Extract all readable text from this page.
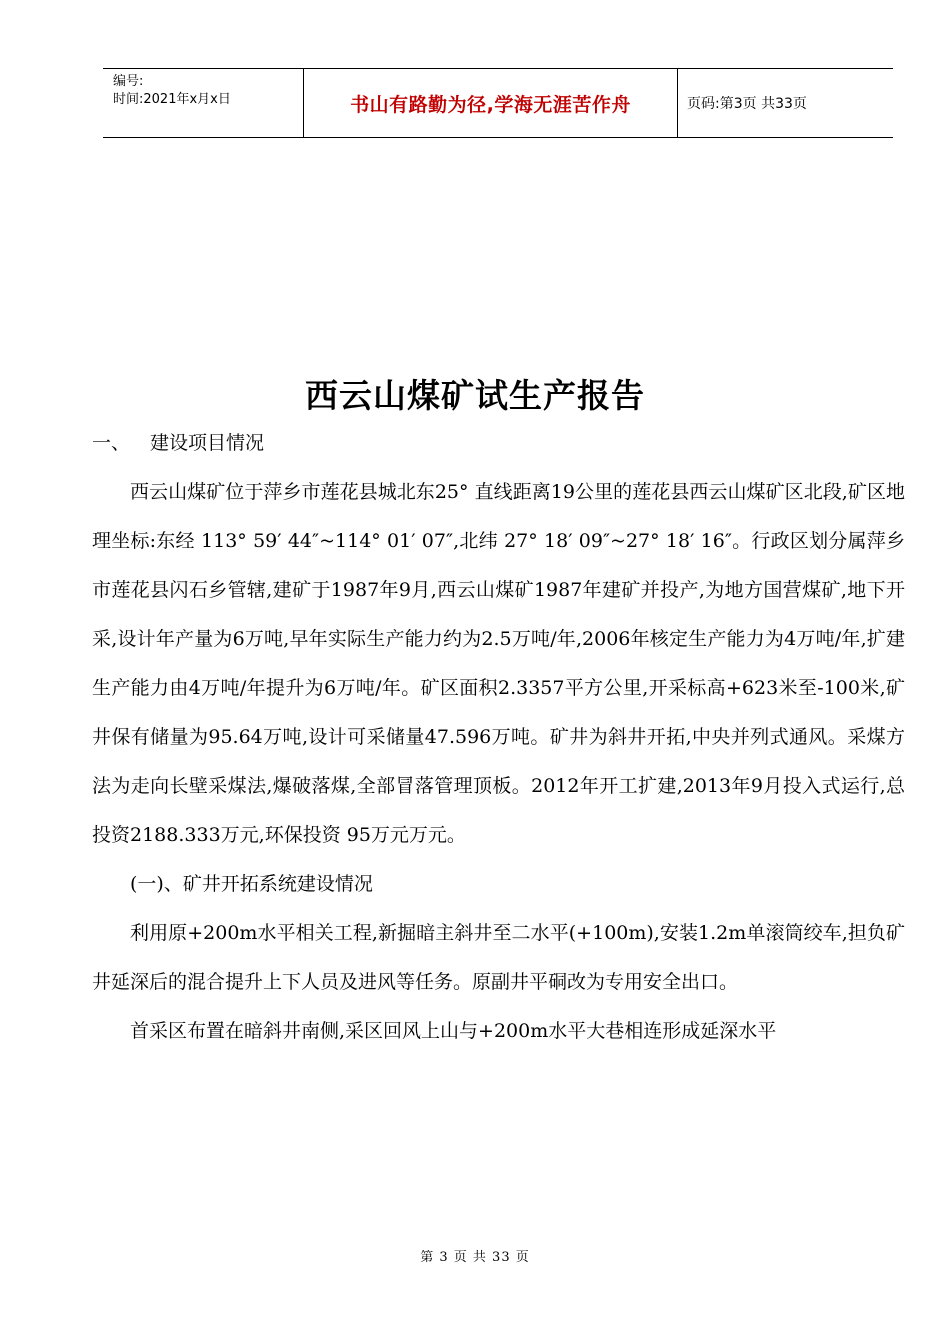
编号:
时间:2021年x月x日	书山有路勤为径,学海无涯苦作舟	页码:第3页 共33页
西云山煤矿试生产报告
一、 建设项目情况

西云山煤矿位于萍乡市莲花县城北东25° 直线距离19公里的莲花县西云山煤矿区北段,矿区地理坐标:东经 113° 59′ 44″~114° 01′ 07″,北纬 27° 18′ 09″~27° 18′ 16″。行政区划分属萍乡市莲花县闪石乡管辖,建矿于1987年9月,西云山煤矿1987年建矿并投产,为地方国营煤矿,地下开采,设计年产量为6万吨,早年实际生产能力约为2.5万吨/年,2006年核定生产能力为4万吨/年,扩建生产能力由4万吨/年提升为6万吨/年。矿区面积2.3357平方公里,开采标高+623米至-100米,矿井保有储量为95.64万吨,设计可采储量47.596万吨。矿井为斜井开拓,中央并列式通风。采煤方法为走向长壁采煤法,爆破落煤,全部冒落管理顶板。2012年开工扩建,2013年9月投入式运行,总投资2188.333万元,环保投资 95万元万元。

(一)、矿井开拓系统建设情况

利用原+200m水平相关工程,新掘暗主斜井至二水平(+100m),安装1.2m单滚筒绞车,担负矿井延深后的混合提升上下人员及进风等任务。原副井平硐改为专用安全出口。

首采区布置在暗斜井南侧,采区回风上山与+200m水平大巷相连形成延深水平

第 3 页 共 33 页
